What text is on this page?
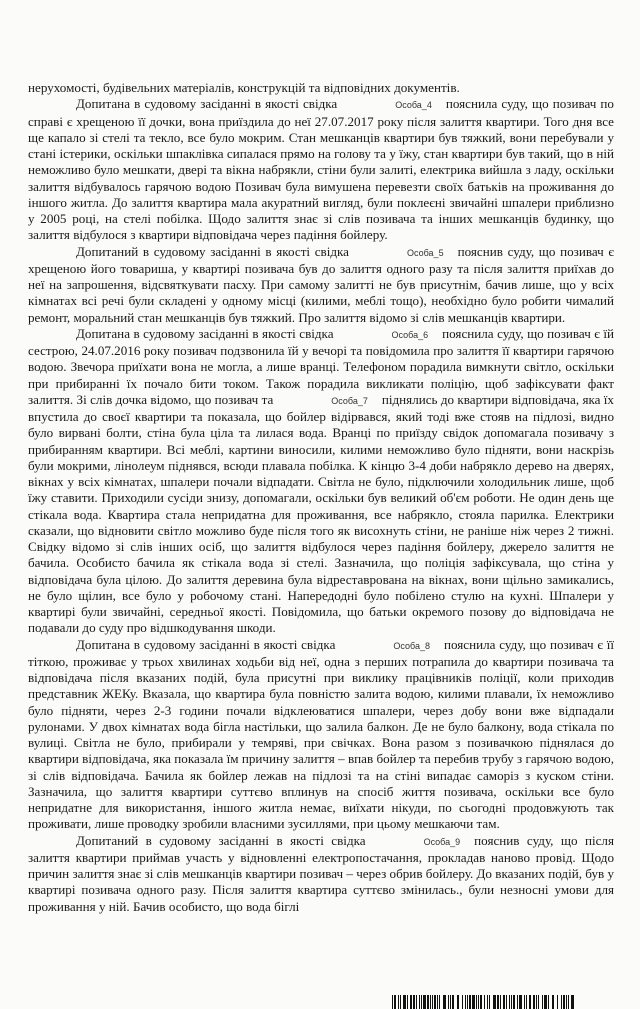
нерухомості, будівельних матеріалів, конструкцій та відповідних документів.

Допитана в судовому засіданні в якості свідка	Особа_4 пояснила суду, що позивач по справі є хрещеною її дочки, вона приїздила до неї 27.07.2017 року після залиття квартири. Того дня все ще капало зі стелі та текло, все було мокрим. Стан мешканців квартири був тяжкий, вони перебували у стані істерики, оскільки шпаклівка сипалася прямо на голову та у їжу, стан квартири був такий, що в ній неможливо було мешкати, двері та вікна набрякли, стіни були залиті, електрика вийшла з ладу, оскільки залиття відбувалось гарячою водою Позивач була вимушена перевезти своїх батьків на проживання до іншого житла. До залиття квартира мала акуратний вигляд, були поклеєні звичайні шпалери приблизно у 2005 році, на стелі побілка. Щодо залиття знає зі слів позивача та інших мешканців будинку, що залиття відбулося з квартири відповідача через падіння бойлеру.

Допитаний в судовому засіданні в якості свідка	Особа_5 пояснив суду, що позивач є хрещеною його товариша, у квартирі позивача був до залиття одного разу та після залиття приїхав до неї на запрошення, відсвяткувати пасху. При самому залитті не був присутнім, бачив лише, що у всіх кімнатах всі речі були складені у одному місці (килими, меблі тощо), необхідно було робити чималий ремонт, моральний стан мешканців був тяжкий. Про залиття відомо зі слів мешканців квартири.

Допитана в судовому засіданні в якості свідка	Особа_6 пояснила суду, що позивач є їй сестрою, 24.07.2016 року позивач подзвонила їй у вечорі та повідомила про залиття її квартири гарячою водою. Звечора приїхати вона не могла, а лише вранці. Телефоном порадила вимкнути світло, оскільки при прибиранні їх почало бити током. Також порадила викликати поліцію, щоб зафіксувати факт залиття. Зі слів дочка відомо, що позивач та	Особа_7 піднялись до квартири відповідача, яка їх впустила до своєї квартири та показала, що бойлер відірвався, який тоді вже стояв на підлозі, видно було вирвані болти, стіна була ціла та лилася вода. Вранці по приїзду свідок допомагала позивачу з прибиранням квартири. Всі меблі, картини виносили, килими неможливо було підняти, вони наскрізь були мокрими, лінолеум піднявся, всюди плавала побілка. К кінцю 3-4 доби набрякло дерево на дверях, вікнах у всіх кімнатах, шпалери почали відпадати. Світла не було, підключили холодильник лише, щоб їжу ставити. Приходили сусіди знизу, допомагали, оскільки був великий об'єм роботи. Не один день ще стікала вода. Квартира стала непридатна для проживання, все набрякло, стояла парилка. Електрики сказали, що відновити світло можливо буде після того як висохнуть стіни, не раніше ніж через 2 тижні. Свідку відомо зі слів інших осіб, що залиття відбулося через падіння бойлеру, джерело залиття не бачила. Особисто бачила як стікала вода зі стелі. Зазначила, що поліція зафіксувала, що стіна у відповідача була цілою. До залиття деревина була відреставрована на вікнах, вони щільно замикались, не було щілин, все було у робочому стані. Напередодні було побілено стулю на кухні. Шпалери у квартирі були звичайні, середньої якості. Повідомила, що батьки окремого позову до відповідача не подавали до суду про відшкодування шкоди.

Допитана в судовому засіданні в якості свідка	Особа_8 пояснила суду, що позивач є її тіткою, проживає у трьох хвилинах ходьби від неї, одна з перших потрапила до квартири позивача та відповідача після вказаних подій, була присутні при виклику працівників поліції, коли приходив представник ЖЕКу. Вказала, що квартира була повністю залита водою, килими плавали, їх неможливо було підняти, через 2-3 години почали відклеюватися шпалери, через добу вони вже відпадали рулонами. У двох кімнатах вода бігла настільки, що залила балкон. Де не було балкону, вода стікала по вулиці. Світла не було, прибирали у темряві, при свічках. Вона разом з позивачкою піднялася до квартири відповідача, яка показала їм причину залиття – впав бойлер та перебив трубу з гарячою водою, зі слів відповідача. Бачила як бойлер лежав на підлозі та на стіні випадає саморіз з куском стіни. Зазначила, що залиття квартири суттєво вплинув на спосіб життя позивача, оскільки все було непридатне для використання, іншого житла немає, виїхати нікуди, по сьогодні продовжують так проживати, лише проводку зробили власними зусиллями, при цьому мешкаючи там.

Допитаний в судовому засіданні в якості свідка	Особа_9 пояснив суду, що після залиття квартири приймав участь у відновленні електропостачання, прокладав наново провід. Щодо причин залиття знає зі слів мешканців квартири позивач – через обрив бойлеру. До вказаних подій, був у квартирі позивача одного разу. Після залиття квартира суттєво змінилась., були незносні умови для проживання у ній. Бачив особисто, що вода біглі
